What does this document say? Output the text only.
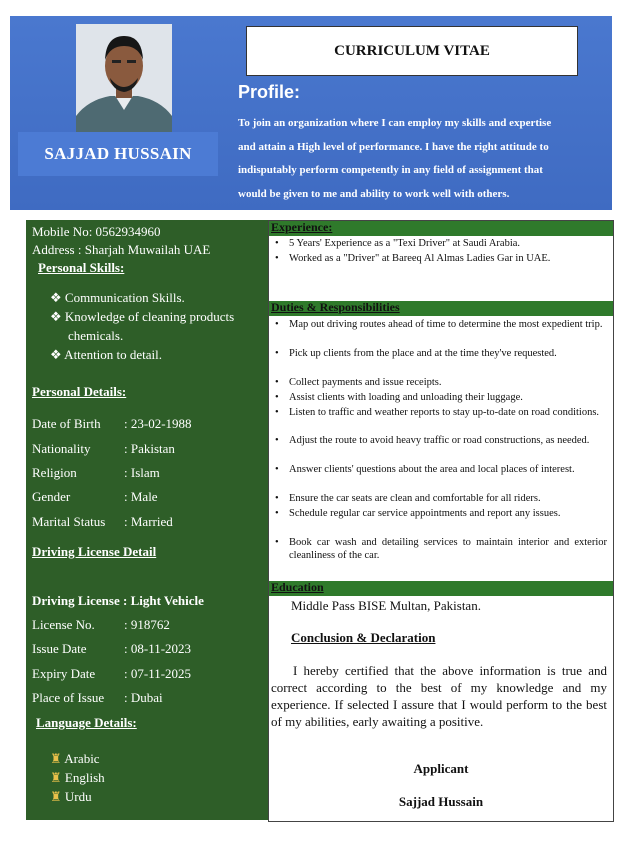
SAJJAD HUSSAIN
CURRICULUM VITAE
Profile:
To join an organization where I can employ my skills and expertise
and attain a High level of performance. I have the right attitude to
indisputably perform competently in any field of assignment that
would be given to me and ability to work well with others.
Mobile No: 0562934960
Address : Sharjah Muwailah UAE
Personal Skills:
❖ Communication Skills.
❖ Knowledge of cleaning products
chemicals.
❖ Attention to detail.
Personal Details:
Date of Birth : 23-02-1988
Nationality	: Pakistan
Religion	: Islam
Gender	: Male
Marital Status : Married
Driving License Detail
Driving License : Light Vehicle
License No. : 918762
Issue Date	: 08-11-2023
Expiry Date : 07-11-2025
Place of Issue : Dubai
Language Details:
♜ Arabic
♜ English
♜ Urdu
Experience:
• 5 Years' Experience as a "Texi Driver" at Saudi Arabia.
• Worked as a "Driver" at Bareeq Al Almas Ladies Gar in UAE.
Duties & Responsibilities
• Map out driving routes ahead of time to determine the most expedient trip.
• Pick up clients from the place and at the time they've requested.
• Collect payments and issue receipts.
• Assist clients with loading and unloading their luggage.
• Listen to traffic and weather reports to stay up-to-date on road conditions.
• Adjust the route to avoid heavy traffic or road constructions, as needed.
• Answer clients' questions about the area and local places of interest.
• Ensure the car seats are clean and comfortable for all riders.
• Schedule regular car service appointments and report any issues.
• Book car wash and detailing services to maintain interior and exterior cleanliness of the car.
Education
Middle Pass BISE Multan, Pakistan.
Conclusion & Declaration
I hereby certified that the above information is true and correct according to the best of my knowledge and my experience. If selected I assure that I would perform to the best of my abilities, early awaiting a positive.
Applicant
Sajjad Hussain
